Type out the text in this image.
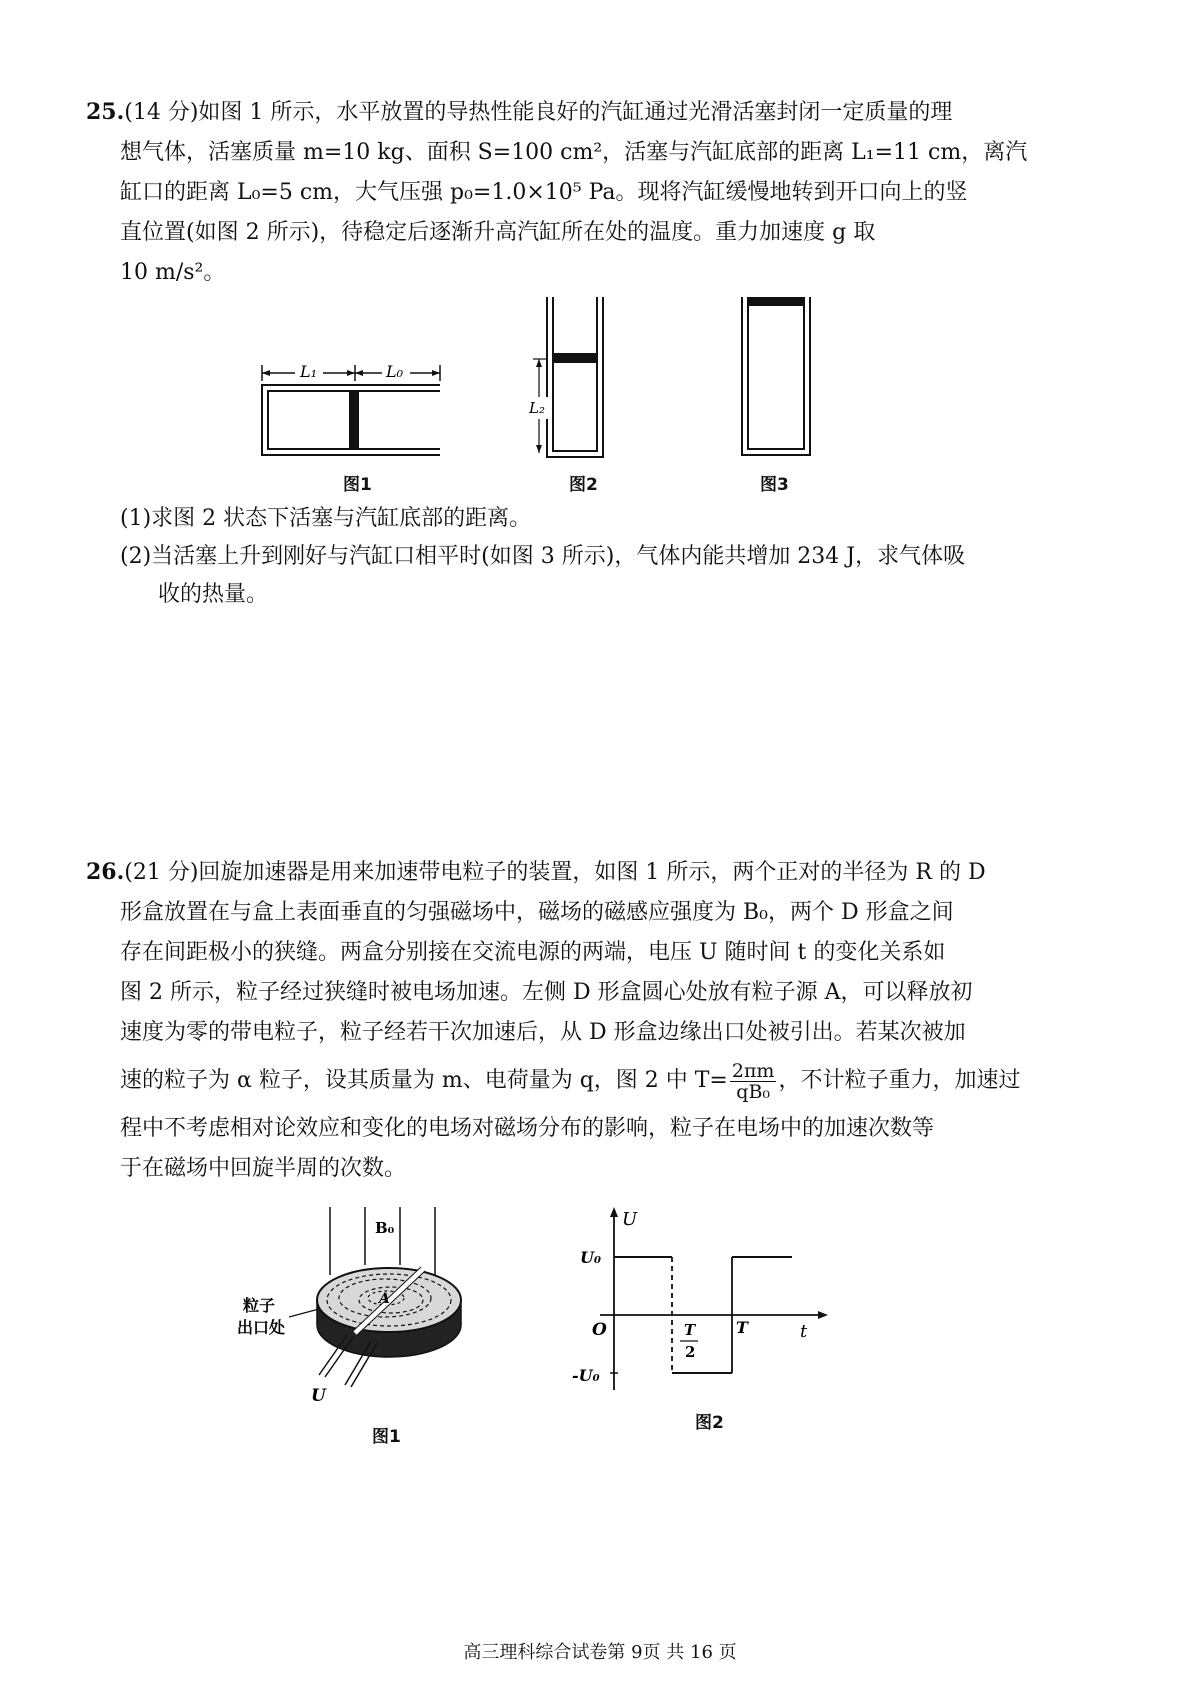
25.(14 分)如图 1 所示，水平放置的导热性能良好的汽缸通过光滑活塞封闭一定质量的理

想气体，活塞质量 m=10 kg、面积 S=100 cm²，活塞与汽缸底部的距离 L₁=11 cm，离汽

缸口的距离 L₀=5 cm，大气压强 p₀=1.0×10⁵ Pa。现将汽缸缓慢地转到开口向上的竖

直位置(如图 2 所示)，待稳定后逐渐升高汽缸所在处的温度。重力加速度 g 取

10 m/s²。

L₁	L₀
图1
L₂
图2	图3

(1)求图 2 状态下活塞与汽缸底部的距离。

(2)当活塞上升到刚好与汽缸口相平时(如图 3 所示)，气体内能共增加 234 J，求气体吸

收的热量。

26.(21 分)回旋加速器是用来加速带电粒子的装置，如图 1 所示，两个正对的半径为 R 的 D

形盒放置在与盒上表面垂直的匀强磁场中，磁场的磁感应强度为 B₀，两个 D 形盒之间

存在间距极小的狭缝。两盒分别接在交流电源的两端，电压 U 随时间 t 的变化关系如

图 2 所示，粒子经过狭缝时被电场加速。左侧 D 形盒圆心处放有粒子源 A，可以释放初

速度为零的带电粒子，粒子经若干次加速后，从 D 形盒边缘出口处被引出。若某次被加

速的粒子为 α 粒子，设其质量为 m、电荷量为 q，图 2 中 $T= \frac{2\pi m}{\text{qB₀}}$ ，不计粒子重力，加速过

程中不考虑相对论效应和变化的电场对磁场分布的影响，粒子在电场中的加速次数等

于在磁场中回旋半周的次数。

B₀
A
U
粒子
出口处
图1
U
t
O
U₀
-U₀
T
2
T
图2
高三理科综合试卷第 9页 共 16 页
